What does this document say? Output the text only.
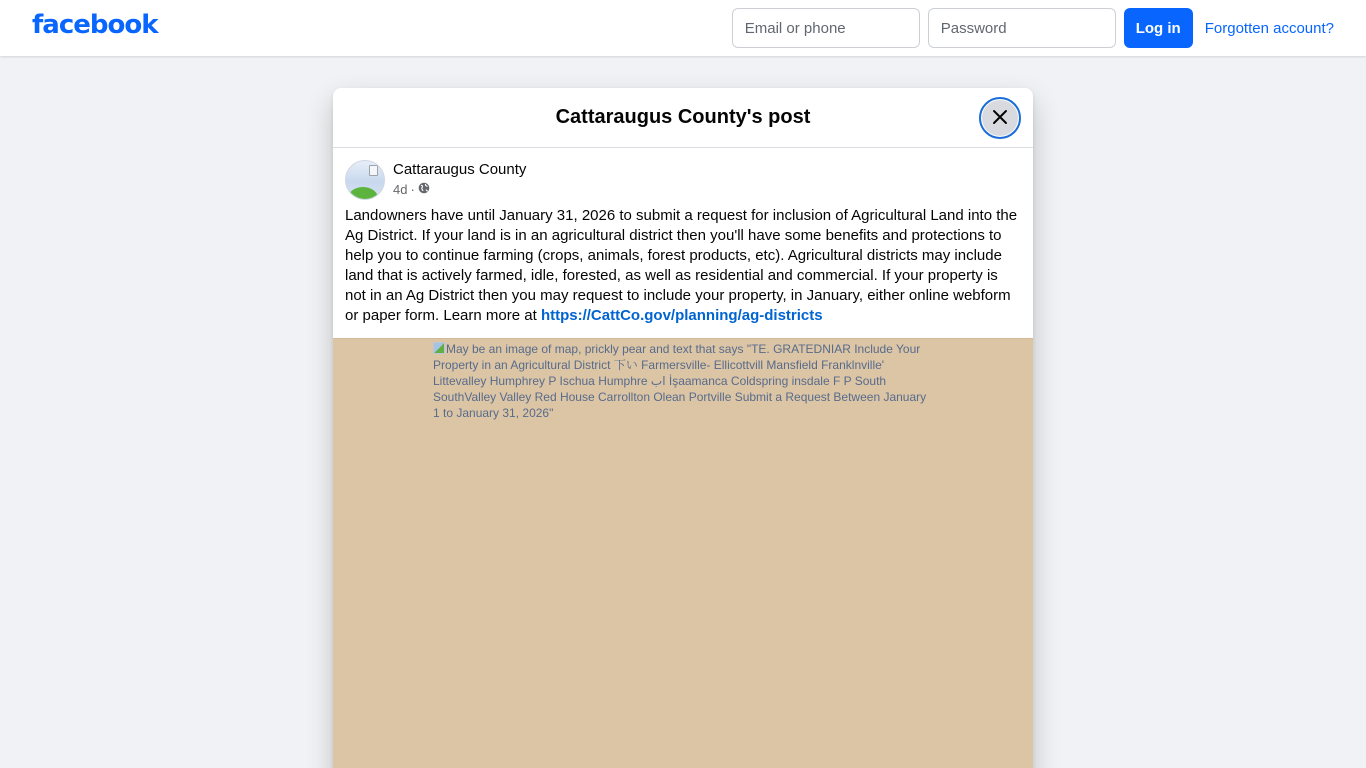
facebook
Email or phone	Log in	Forgotten account?
Cattaraugus County's post
Cattaraugus County
4d ·
Landowners have until January 31, 2026 to submit a request for inclusion of Agricultural Land into the Ag District. If your land is in an agricultural district then you'll have some benefits and protections to help you to continue farming (crops, animals, forest products, etc). Agricultural districts may include land that is actively farmed, idle, forested, as well as residential and commercial. If your property is not in an Ag District then you may request to include your property, in January, either online webform or paper form. Learn more at https://CattCo.gov/planning/ag-districts
May be an image of map, prickly pear and text that says "TE. GRATEDNIAR Include Your Property in an Agricultural District 下い Farmersville- Ellicottvill Mansfield Franklnville' Littevalley Humphrey P Ischua Humphre اب İşaamanca Coldspring insdale F P South SouthValley Valley Red House Carrollton Olean Portville Submit a Request Between January 1 to January 31, 2026"
